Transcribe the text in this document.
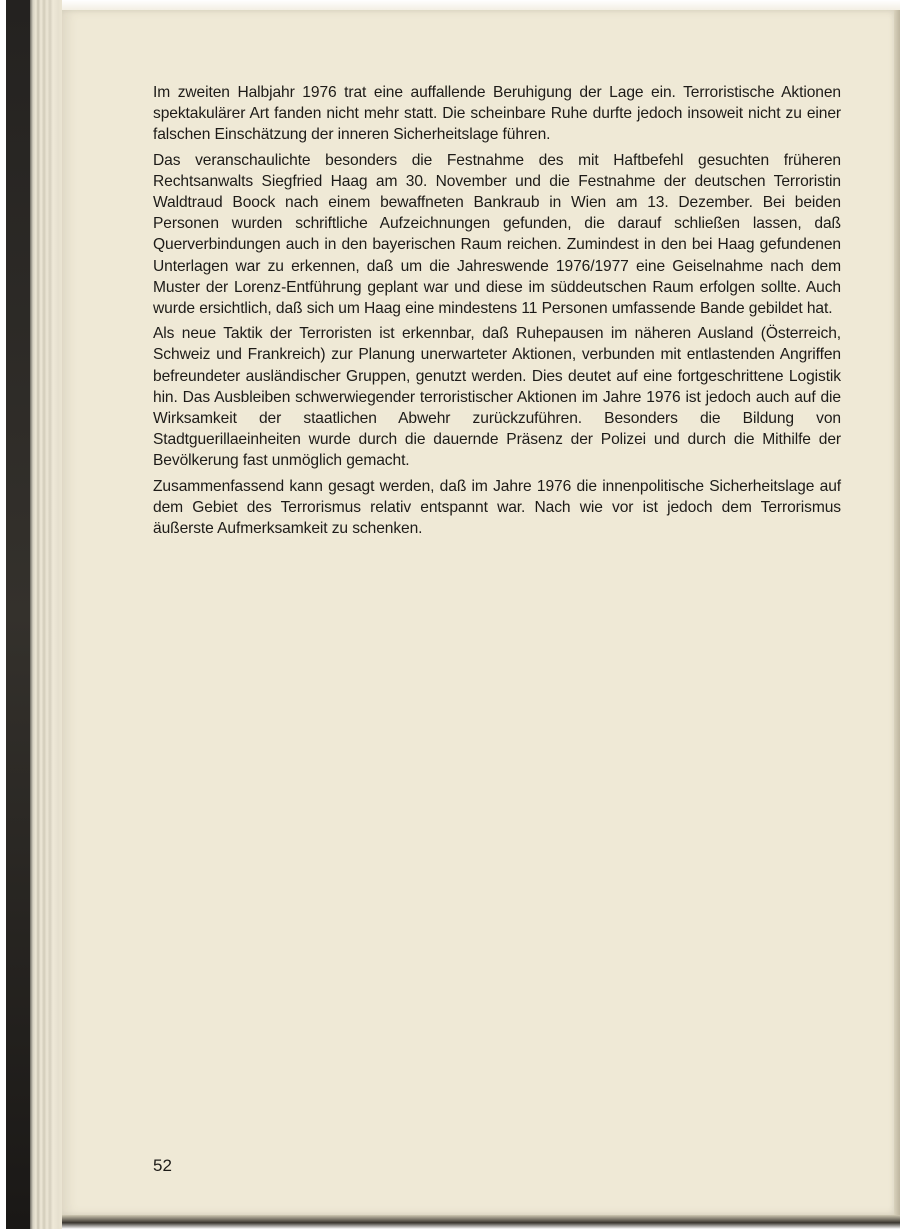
Im zweiten Halbjahr 1976 trat eine auffallende Beruhigung der Lage ein. Terroristische Aktionen spektakulärer Art fanden nicht mehr statt. Die scheinbare Ruhe durfte jedoch insoweit nicht zu einer falschen Einschätzung der inneren Sicherheitslage führen.

Das veranschaulichte besonders die Festnahme des mit Haftbefehl gesuchten früheren Rechtsanwalts Siegfried Haag am 30. November und die Festnahme der deutschen Terroristin Waldtraud Boock nach einem bewaffneten Bankraub in Wien am 13. Dezember. Bei beiden Personen wurden schriftliche Aufzeichnungen gefunden, die darauf schließen lassen, daß Querverbindungen auch in den bayerischen Raum reichen. Zumindest in den bei Haag gefundenen Unterlagen war zu erkennen, daß um die Jahreswende 1976/1977 eine Geiselnahme nach dem Muster der Lorenz-Entführung geplant war und diese im süddeutschen Raum erfolgen sollte. Auch wurde ersichtlich, daß sich um Haag eine mindestens 11 Personen umfassende Bande gebildet hat.

Als neue Taktik der Terroristen ist erkennbar, daß Ruhepausen im näheren Ausland (Österreich, Schweiz und Frankreich) zur Planung unerwarteter Aktionen, verbunden mit entlastenden Angriffen befreundeter ausländischer Gruppen, genutzt werden. Dies deutet auf eine fortgeschrittene Logistik hin. Das Ausbleiben schwerwiegender terroristischer Aktionen im Jahre 1976 ist jedoch auch auf die Wirksamkeit der staatlichen Abwehr zurückzuführen. Besonders die Bildung von Stadtguerillaeinheiten wurde durch die dauernde Präsenz der Polizei und durch die Mithilfe der Bevölkerung fast unmöglich gemacht.

Zusammenfassend kann gesagt werden, daß im Jahre 1976 die innenpolitische Sicherheitslage auf dem Gebiet des Terrorismus relativ entspannt war. Nach wie vor ist jedoch dem Terrorismus äußerste Aufmerksamkeit zu schenken.

52
